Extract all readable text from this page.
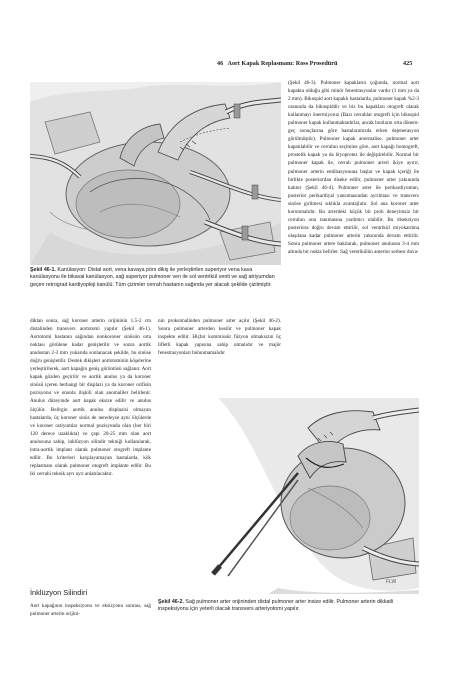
46 Aort Kapak Replasmanı: Ross Prosedürü	425
Şekil 46-1. Kanülasyon: Distal aort, vena kavaya pörs dikiş ile yerleştirilen superiyor vena kava kanülasyonu ile bikaval kanülasyon, sağ superiyor pulmoner ven ile sol ventrikül venti ve sağ atriyumdan geçen retrograd kardiyopleji kanülü. Tüm çizimler cerrah hastanın sağında yer alacak şekilde çizilmiştir.

diktan sonra, sağ koroner arterin orijininin 1.5-2 cm distalinden transvers aortotomi yapılır (Şekil 46-1). Aortotomi hastanın sağından nonkoroner sinüsün orta noktası görülene kadar genişletilir ve sonra aortik anulustan 2-3 mm yukarıda sonlanacak şekilde, bu sinüse doğru genişletilir. Destek dikişleri aortotominin köşelerine yerleştirilerek, aort kapağın geniş görüntüsü sağlanır. Aort kapak gözden geçirilir ve aortik anulus ya da koroner sinüsü içeren herhangi bir displazi ya da koroner orifisin pozisyonu ve onunla ilişkili olan anomaliler belirlenir. Anulus düzeyinde aort kapak eksize edilir ve anulus ölçülür. Belirgin aortik anulus displazisi olmayan hastalarda, üç koroner sinüs de neredeyse aynı ölçülerde ve koroner ostiyumlar normal pozisyonda olan (her biri 120 derece uzaklıkta) ve çapı 20-25 mm olan aort anulusuna sahip, inklüzyon silindir tekniği kullanılarak, intra-aortik implant olarak pulmoner otogreft implante edilir. Bu kriterleri karşılayamayan hastalarda, kök replasmanı olarak pulmoner otogreft implante edilir. Bu iki cerrahi teknik ayrı ayrı anlatılacaktır.

İnklüzyon Silindiri

Aort kapağının inspeksiyonu ve eksizyonu sonrası, sağ pulmoner arterin orijini-

nin proksimalinden pulmoner arter açılır (Şekil 46-2). Sonra pulmoner arterden kesilir ve pulmoner kapak inspekte edilir. Hiçbir kommissür füzyon olmaksızın üç lifletli kapak yapısına sahip olmalıdır ve majör fenestrasyonları bulunmamalıdır

(Şekil 46-3). Pulmoner kapakların çoğunda, normal aort kapakta olduğu gibi minör fenestrasyonlar vardır (1 mm ya da 2 mm). Bikuspid aort kapaklı hastalarda, pulmoner kapak %2-3 oranında da bikuspiddir ve biz bu kapakları otogreft olarak kullanmayı önermiyoruz (Bazı cerrahlar otogreft için bikuspid pulmoner kapak kullanmaktadırlar, ancak bunların orta dönem-geç sonuçlarına göre hastalarımızda erken dejenerasyon görülmüştür). Pulmoner kapak anormalise, pulmoner arter kapatılabilir ve cerrahın seçimine göre, aort kapağı homogreft, prostetik kapak ya da biyoprotez ile değiştirebilir. Normal bir pulmoner kapak ile, cerrah pulmoner arteri ikiye ayırır, pulmoner arterin entübasyonuna başlar ve kapak içeriği ile birlikte posteriordan diseke edilir, pulmoner arter yakınında kalınır (Şekil 46-4). Pulmoner arter ile perikardiyumun, posterior perikardiyal yansımasından ayrılması ve transvers sinüse girilmesi sıklıkla avantajlıdır. Sol ana koroner arter korunmalıdır. Bu arterdeki küçük bir prob deneyimsiz bir cerrahın onu tanımasına yardımcı olabilir. Bu diseksiyon posteriora doğru devam ettirilir, sol ventrikül miyokardına ulaşılana kadar pulmoner arterin yakınında devam ettirilir. Sonra pulmoner artere bakılarak, pulmoner anulusun 3-4 mm altında bir nokta belirler. Sağ ventrikülün anterior serbest duva-

FLW
Şekil 46-2. Sağ pulmoner arter orijininden distal pulmoner arter insize edilir. Pulmoner arterin dikkatli inspeksiyonu için yeterli olacak transvers arteriyotomi yapılır.
